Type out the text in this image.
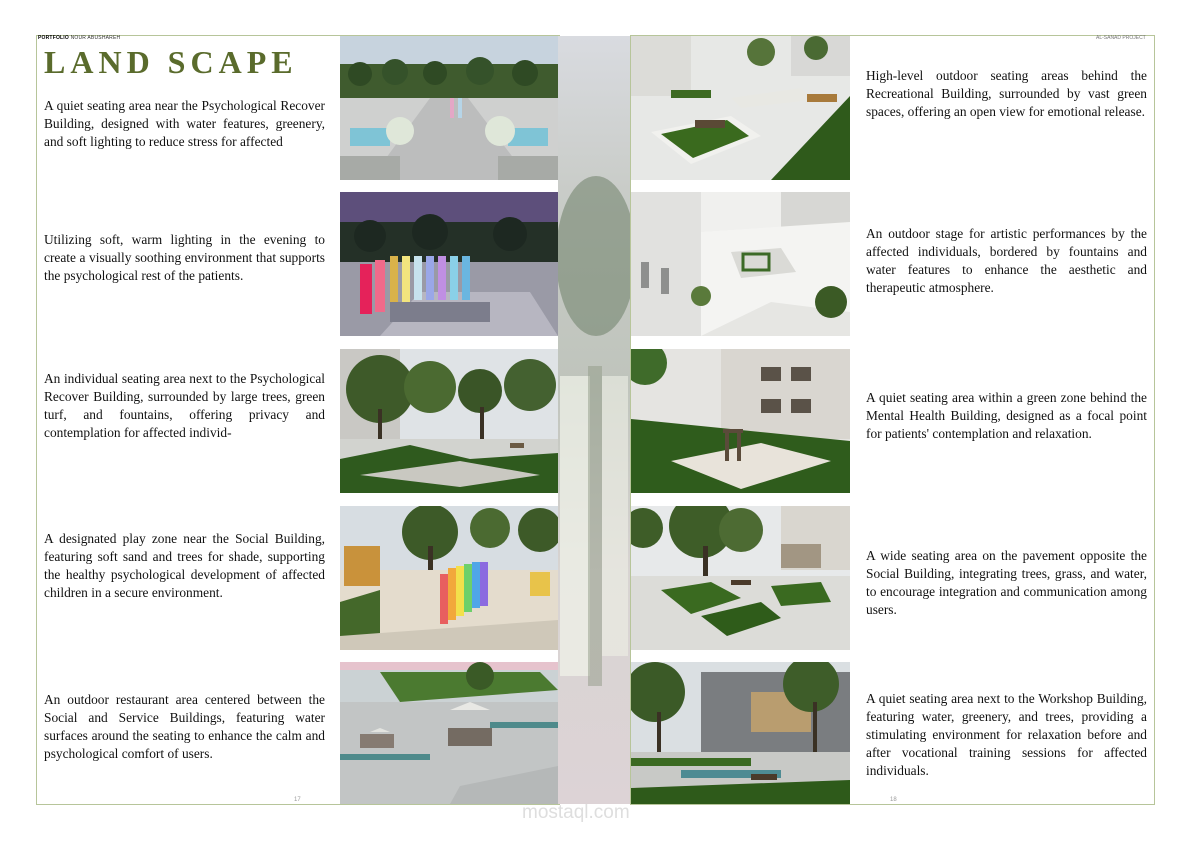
PORTFOLIO NOUR ABUSHAREH	AL-SANAD PROJECT
LAND SCAPE
A quiet seating area near the Psychological Recover Building, designed with water features, greenery, and soft lighting to reduce stress for affected
Utilizing soft, warm lighting in the evening to create a visually soothing environment that supports the psychological rest of the patients.
An individual seating area next to the Psychological Recover Building, surrounded by large trees, green turf, and fountains, offering privacy and contemplation for affected individ-
A designated play zone near the Social Building, featuring soft sand and trees for shade, supporting the healthy psychological development of affected children in a secure environment.
An outdoor restaurant area centered between the Social and Service Buildings, featuring water surfaces around the seating to enhance the calm and psychological comfort of users.
High-level outdoor seating areas behind the Recreational Building, surrounded by vast green spaces, offering an open view for emotional release.
An outdoor stage for artistic performances by the affected individuals, bordered by fountains and water features to enhance the aesthetic and therapeutic atmosphere.
A quiet seating area within a green zone behind the Mental Health Building, designed as a focal point for patients' contemplation and relaxation.
A wide seating area on the pavement opposite the Social Building, integrating trees, grass, and water, to encourage integration and communication among users.
A quiet seating area next to the Workshop Building, featuring water, greenery, and trees, providing a stimulating environment for relaxation before and after vocational training sessions for affected individuals.
17	18
mostaql.com
